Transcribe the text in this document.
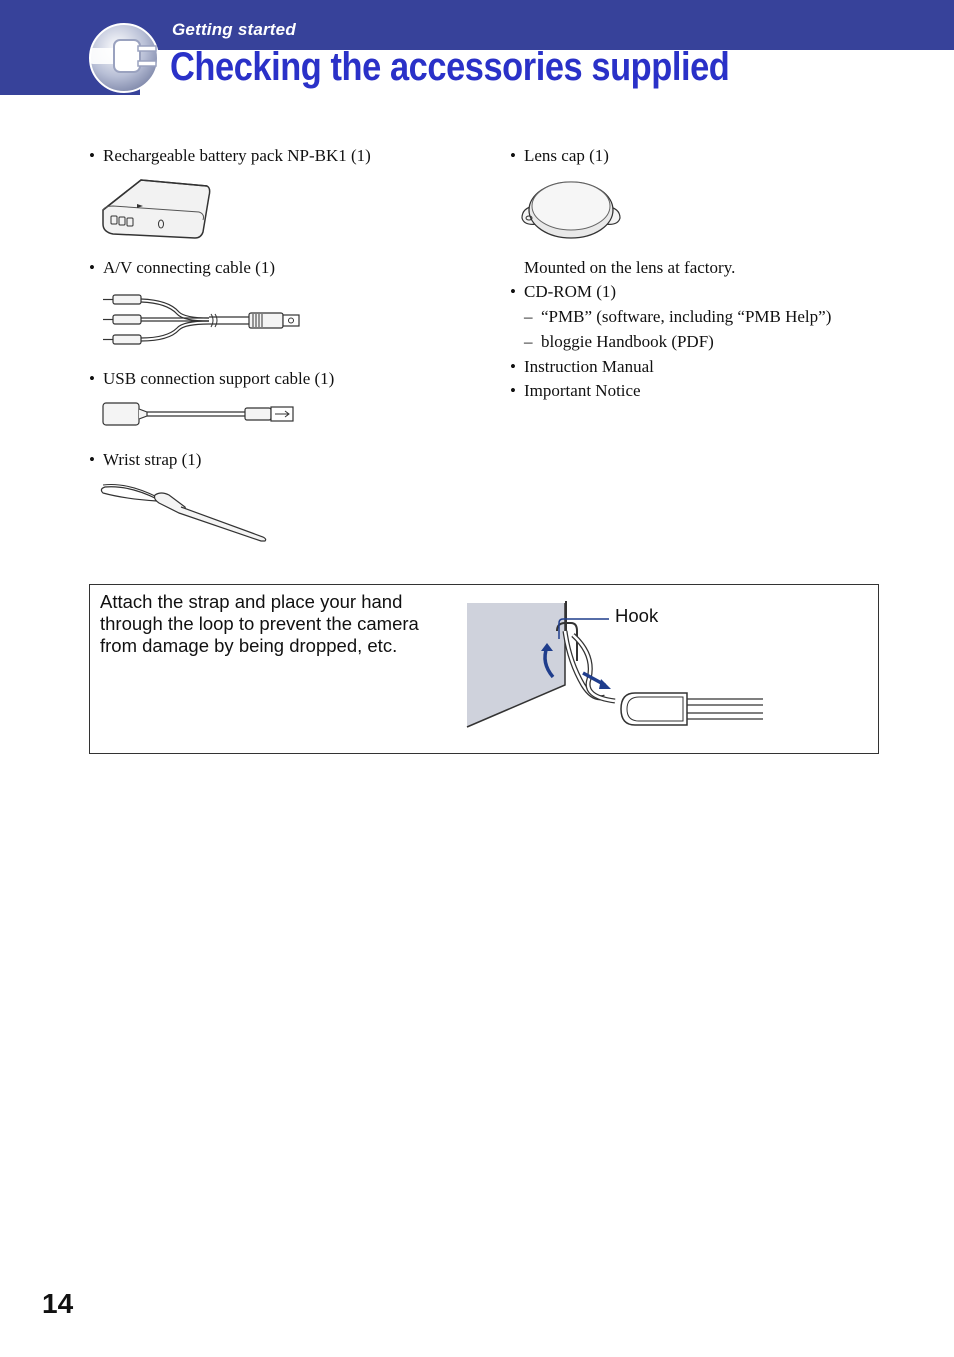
Getting started
Checking the accessories supplied
• Rechargeable battery pack NP-BK1 (1)
• A/V connecting cable (1)
• USB connection support cable (1)
• Wrist strap (1)
• Lens cap (1)
Mounted on the lens at factory.
• CD-ROM (1)
– “PMB” (software, including “PMB Help”)
– bloggie Handbook (PDF)
• Instruction Manual
• Important Notice
Attach the strap and place your hand through the loop to prevent the camera from damage by being dropped, etc.
Hook
14
